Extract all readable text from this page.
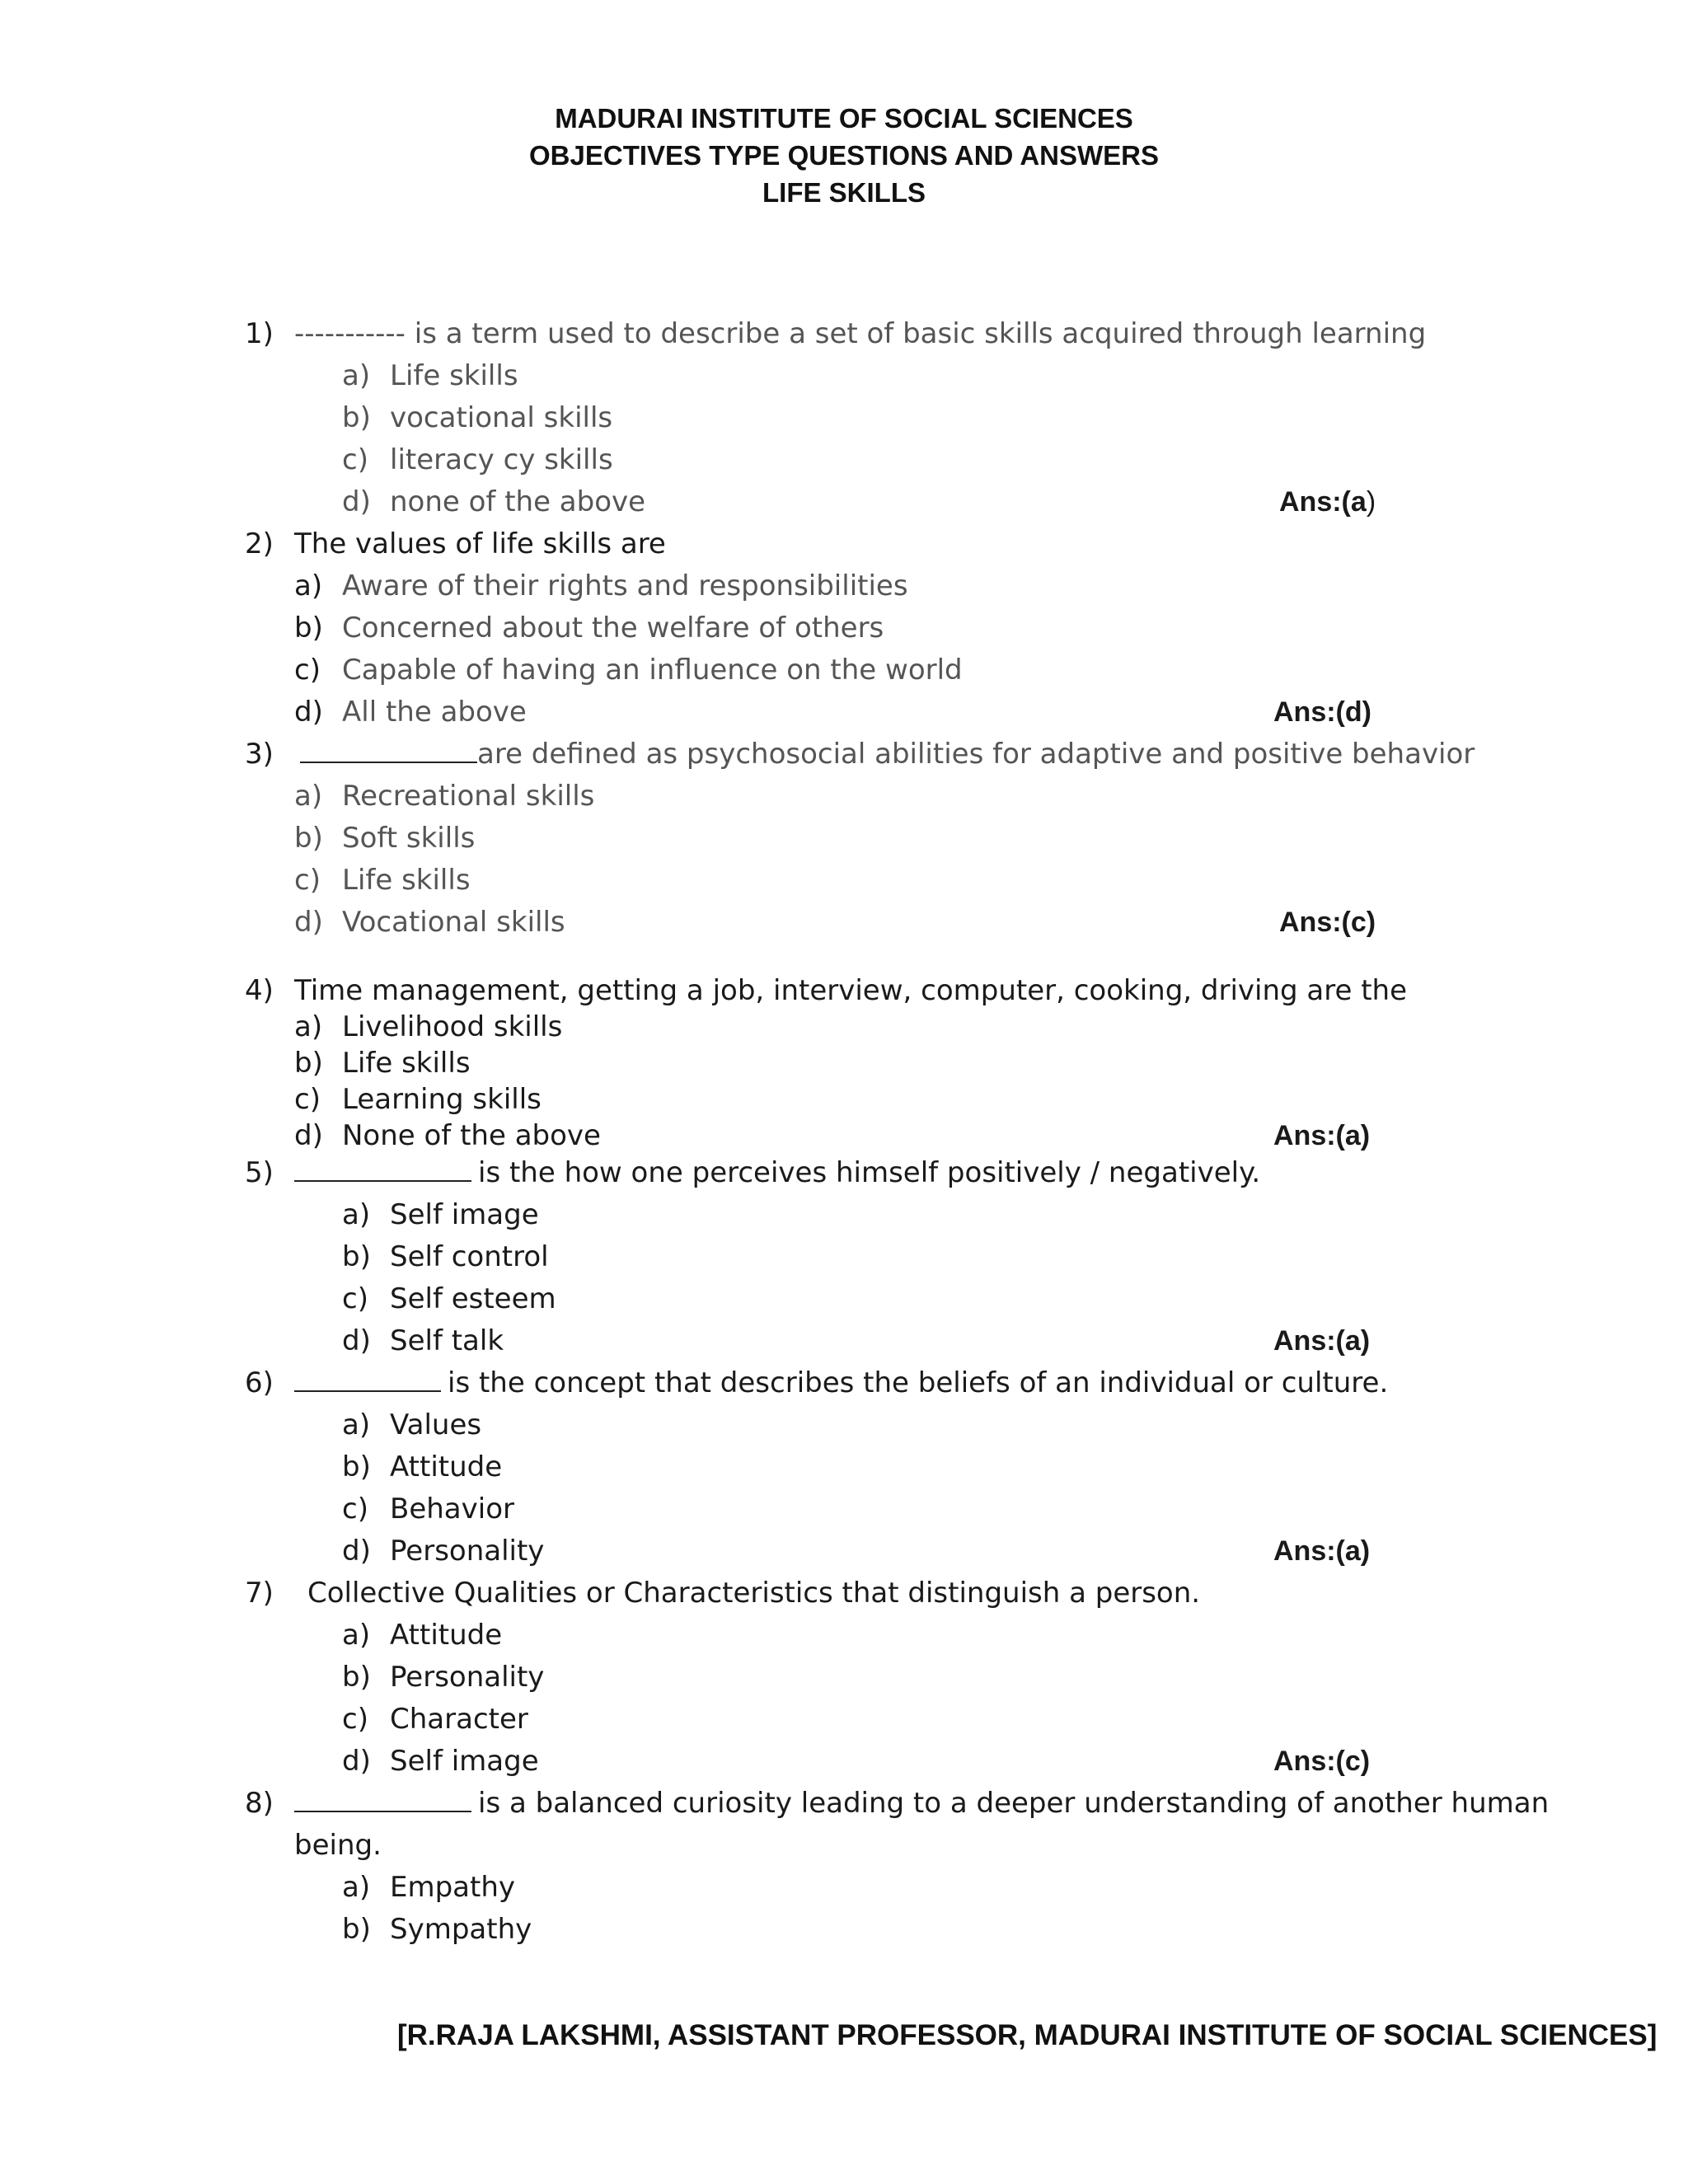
MADURAI INSTITUTE OF SOCIAL SCIENCES
OBJECTIVES TYPE QUESTIONS AND ANSWERS
LIFE SKILLS
1) ----------- is a term used to describe a set of basic skills acquired through learning
a) Life skills
b) vocational skills
c) literacy cy skills
d) none of the above	Ans:(a)
2) The values of life skills are
a) Aware of their rights and responsibilities
b) Concerned about the welfare of others
c) Capable of having an influence on the world
d) All the above	Ans:(d)
3)	are defined as psychosocial abilities for adaptive and positive behavior
a) Recreational skills
b) Soft skills
c) Life skills
d) Vocational skills	Ans:(c)
4) Time management, getting a job, interview, computer, cooking, driving are the
a) Livelihood skills
b) Life skills
c) Learning skills
d) None of the above	Ans:(a)
5)	is the how one perceives himself positively / negatively.
a) Self image
b) Self control
c) Self esteem
d) Self talk	Ans:(a)
6)	is the concept that describes the beliefs of an individual or culture.
a) Values
b) Attitude
c) Behavior
d) Personality	Ans:(a)
7) Collective Qualities or Characteristics that distinguish a person.
a) Attitude
b) Personality
c) Character
d) Self image	Ans:(c)
8)	is a balanced curiosity leading to a deeper understanding of another human
being.
a) Empathy
b) Sympathy
[R.RAJA LAKSHMI, ASSISTANT PROFESSOR, MADURAI INSTITUTE OF SOCIAL SCIENCES]
